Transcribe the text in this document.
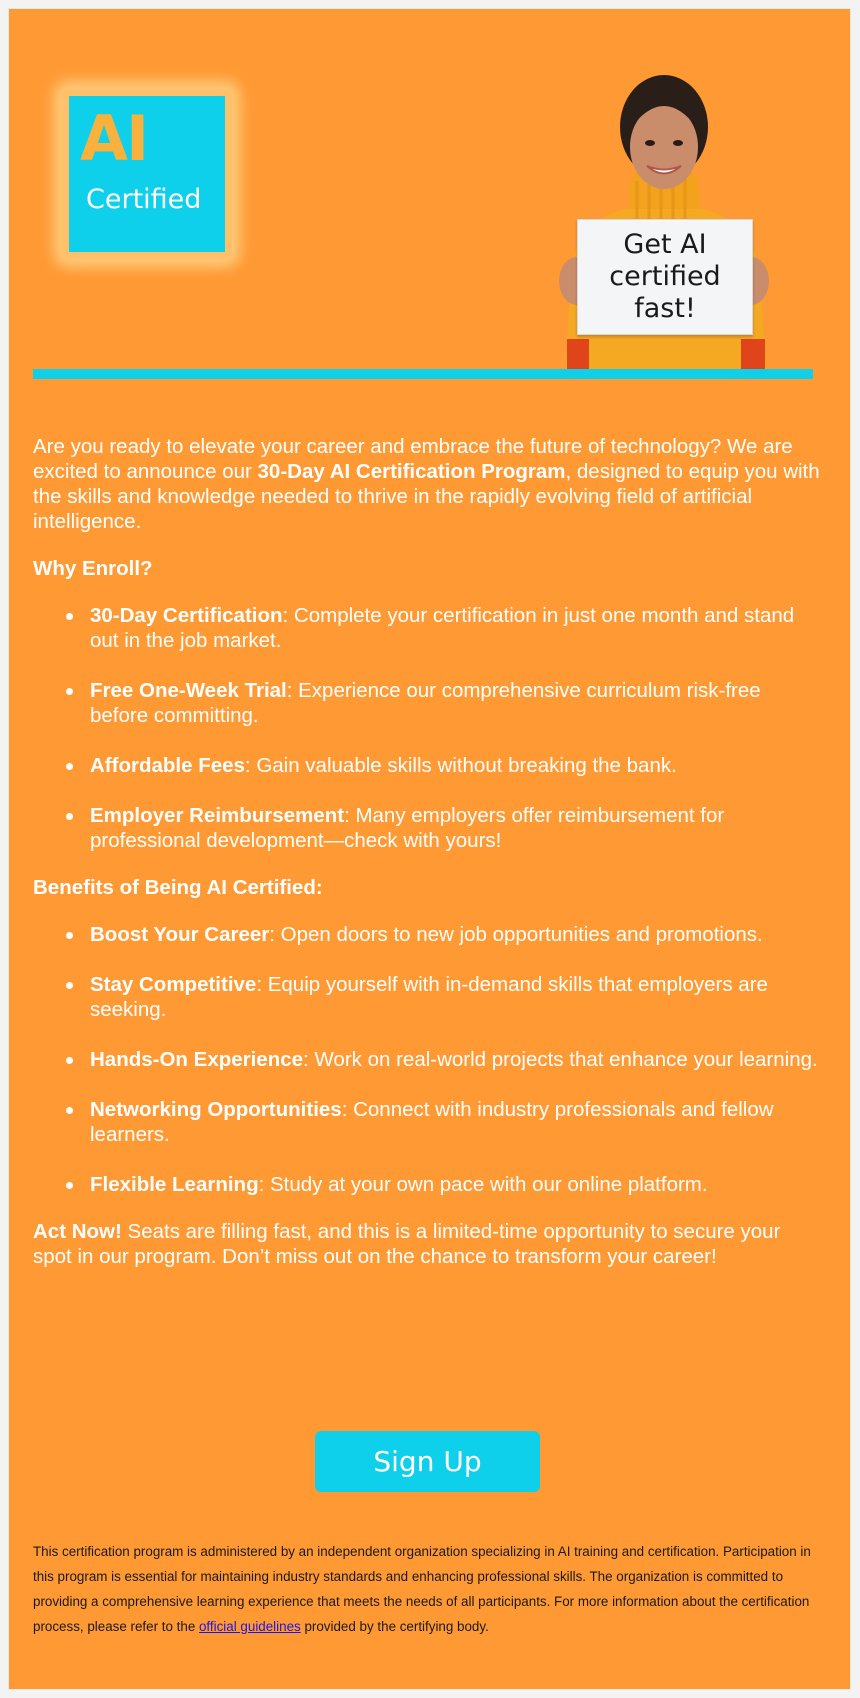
AI
Certified
Get AI certified fast!

Are you ready to elevate your career and embrace the future of technology? We are excited to announce our 30-Day AI Certification Program, designed to equip you with the skills and knowledge needed to thrive in the rapidly evolving field of artificial intelligence.

Why Enroll?

30-Day Certification: Complete your certification in just one month and stand out in the job market.
Free One-Week Trial: Experience our comprehensive curriculum risk-free before committing.
Affordable Fees: Gain valuable skills without breaking the bank.
Employer Reimbursement: Many employers offer reimbursement for professional development—check with yours!

Benefits of Being AI Certified:

Boost Your Career: Open doors to new job opportunities and promotions.
Stay Competitive: Equip yourself with in-demand skills that employers are seeking.
Hands-On Experience: Work on real-world projects that enhance your learning.
Networking Opportunities: Connect with industry professionals and fellow learners.
Flexible Learning: Study at your own pace with our online platform.

Act Now! Seats are filling fast, and this is a limited-time opportunity to secure your spot in our program. Don’t miss out on the chance to transform your career!

Sign Up
This certification program is administered by an independent organization specializing in AI training and certification. Participation in this program is essential for maintaining industry standards and enhancing professional skills. The organization is committed to providing a comprehensive learning experience that meets the needs of all participants. For more information about the certification process, please refer to the official guidelines provided by the certifying body.
